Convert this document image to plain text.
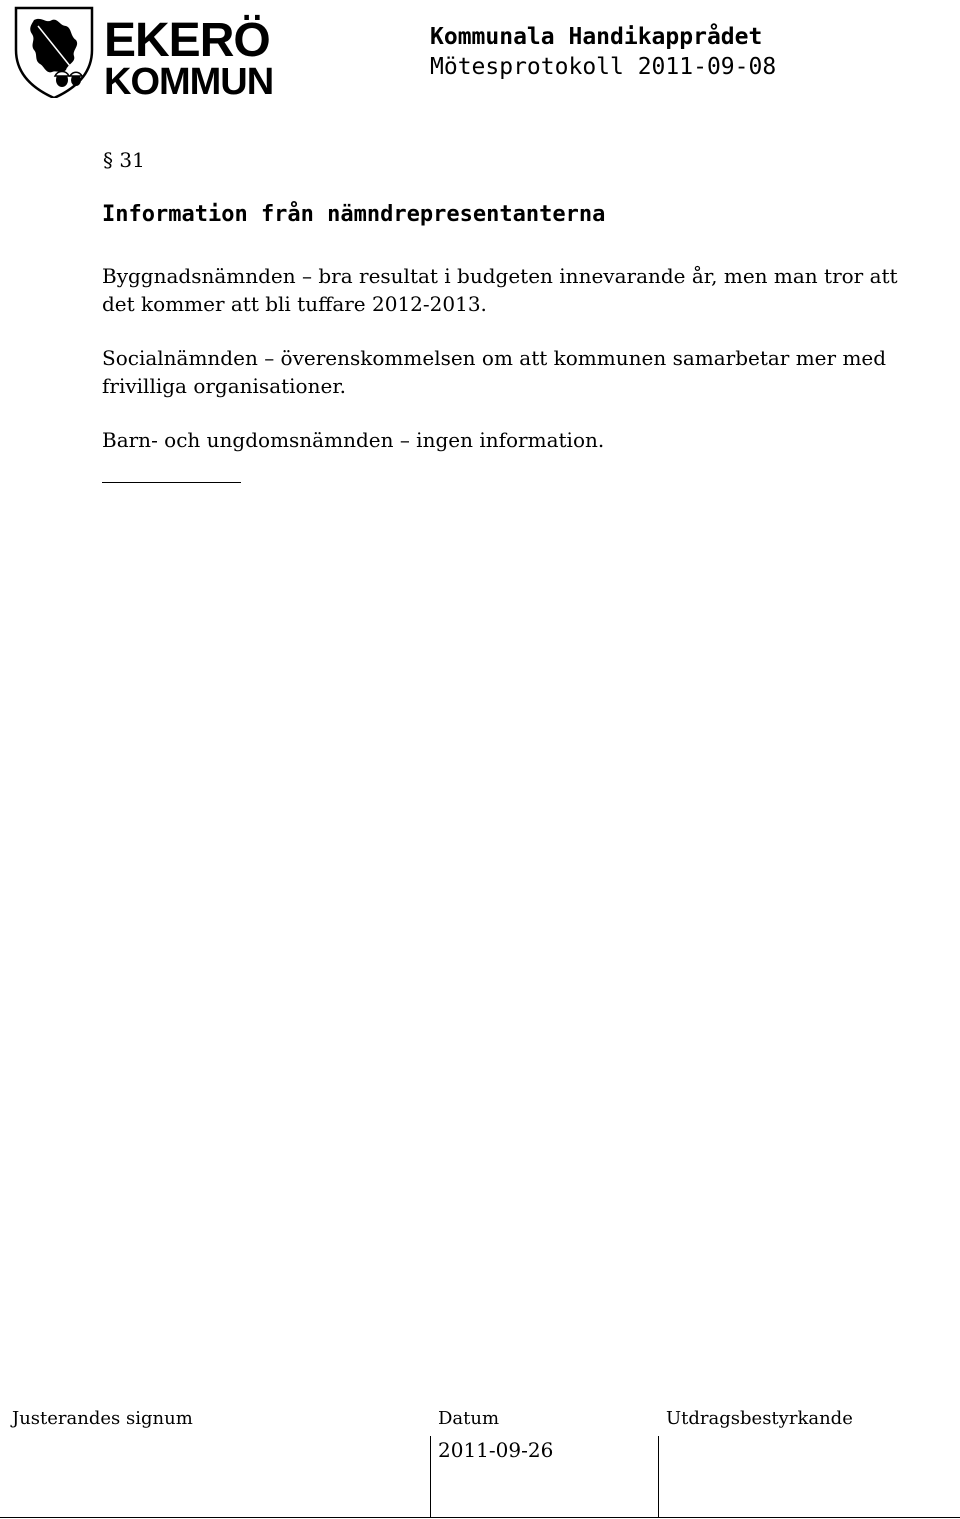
EKERÖ
KOMMUN
Kommunala Handikapprådet
Mötesprotokoll 2011-09-08
§ 31
Information från nämndrepresentanterna

Byggnadsnämnden – bra resultat i budgeten innevarande år, men man tror att det kommer att bli tuffare 2012-2013.

Socialnämnden – överenskommelsen om att kommunen samarbetar mer med frivilliga organisationer.

Barn- och ungdomsnämnden – ingen information.

Justerandes signum	Datum	Utdragsbestyrkande
2011-09-26
